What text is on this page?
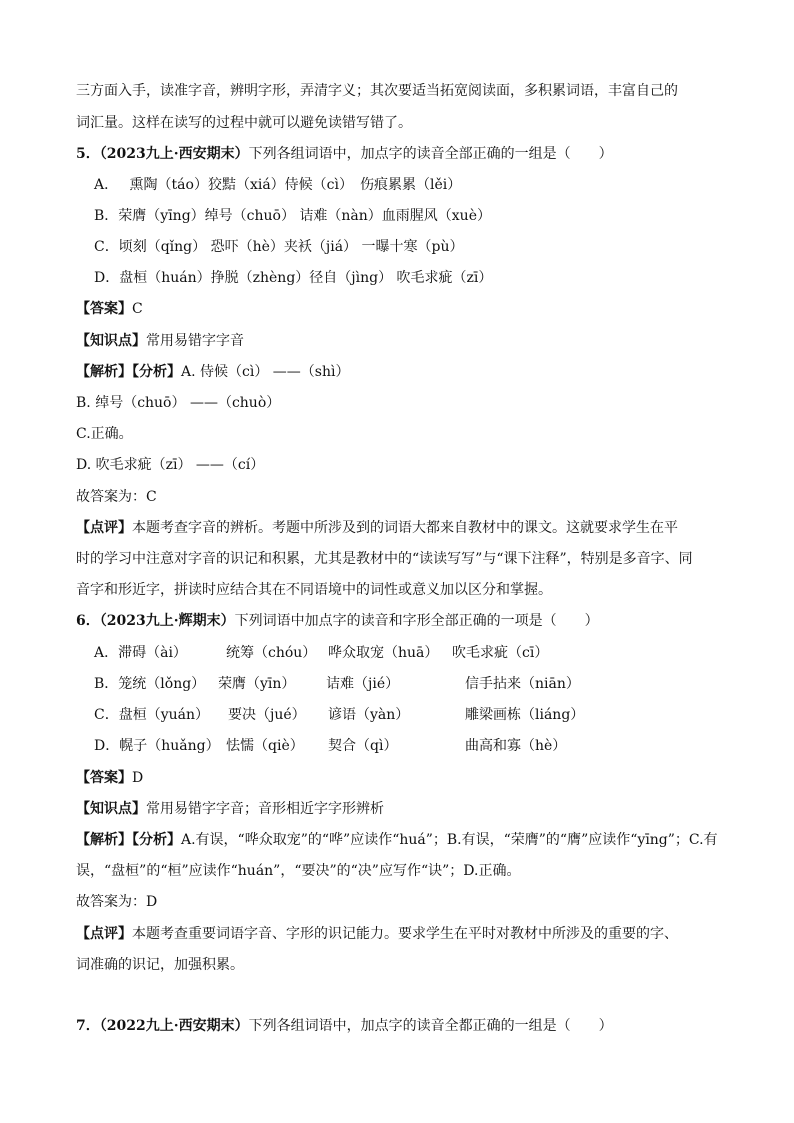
三方面入手，读准字音，辨明字形，弄清字义；其次要适当拓宽阅读面，多积累词语，丰富自己的
词汇量。这样在读写的过程中就可以避免读错写错了。
5．（2023九上·西安期末）下列各组词语中，加点字的读音全部正确的一组是（　　）
A．　 熏陶（táo）狡黠（xiá）侍候（cì）　伤痕累累（lěi）
B．荣膺（yīng）绰号（chuō） 诘难（nàn）血雨腥风（xuè）
C．顷刻（qǐng） 恐吓（hè）夹袄（jiá） 一曝十寒（pù）
D．盘桓（huán）挣脱（zhèng）径自（jìng） 吹毛求疵（zī）
【答案】C
【知识点】常用易错字字音
【解析】【分析】A. 侍候（cì） ——（shì）
B. 绰号（chuō） ——（chuò）
C.正确。
D. 吹毛求疵（zī） ——（cí）
故答案为：C
【点评】本题考查字音的辨析。考题中所涉及到的词语大都来自教材中的课文。这就要求学生在平
时的学习中注意对字音的识记和积累，尤其是教材中的“读读写写”与“课下注释”，特别是多音字、同
音字和形近字，拼读时应结合其在不同语境中的词性或意义加以区分和掌握。
6．（2023九上·辉期末）下列词语中加点字的读音和字形全部正确的一项是（　　）
A．滞碍（ài）	统筹（chóu） 哗众取宠（huā） 吹毛求疵（cī）
B．笼统（lǒng） 荣膺（yīn） 诘难（jié）	信手拈来（niān）
C．盘桓（yuán） 要决（jué） 谚语（yàn）	雕梁画栋（liáng）
D．幌子（huǎng） 怯懦（qiè） 契合（qì）	曲高和寡（hè）
【答案】D
【知识点】常用易错字字音；音形相近字字形辨析
【解析】【分析】A.有误，“哗众取宠”的“哗”应读作“huá”；B.有误，“荣膺”的“膺”应读作“yīng”；C.有
误，“盘桓”的“桓”应读作“huán”，“要决”的“决”应写作“诀”；D.正确。
故答案为：D
【点评】本题考查重要词语字音、字形的识记能力。要求学生在平时对教材中所涉及的重要的字、
词准确的识记，加强积累。
7．（2022九上·西安期末）下列各组词语中，加点字的读音全都正确的一组是（　　）
